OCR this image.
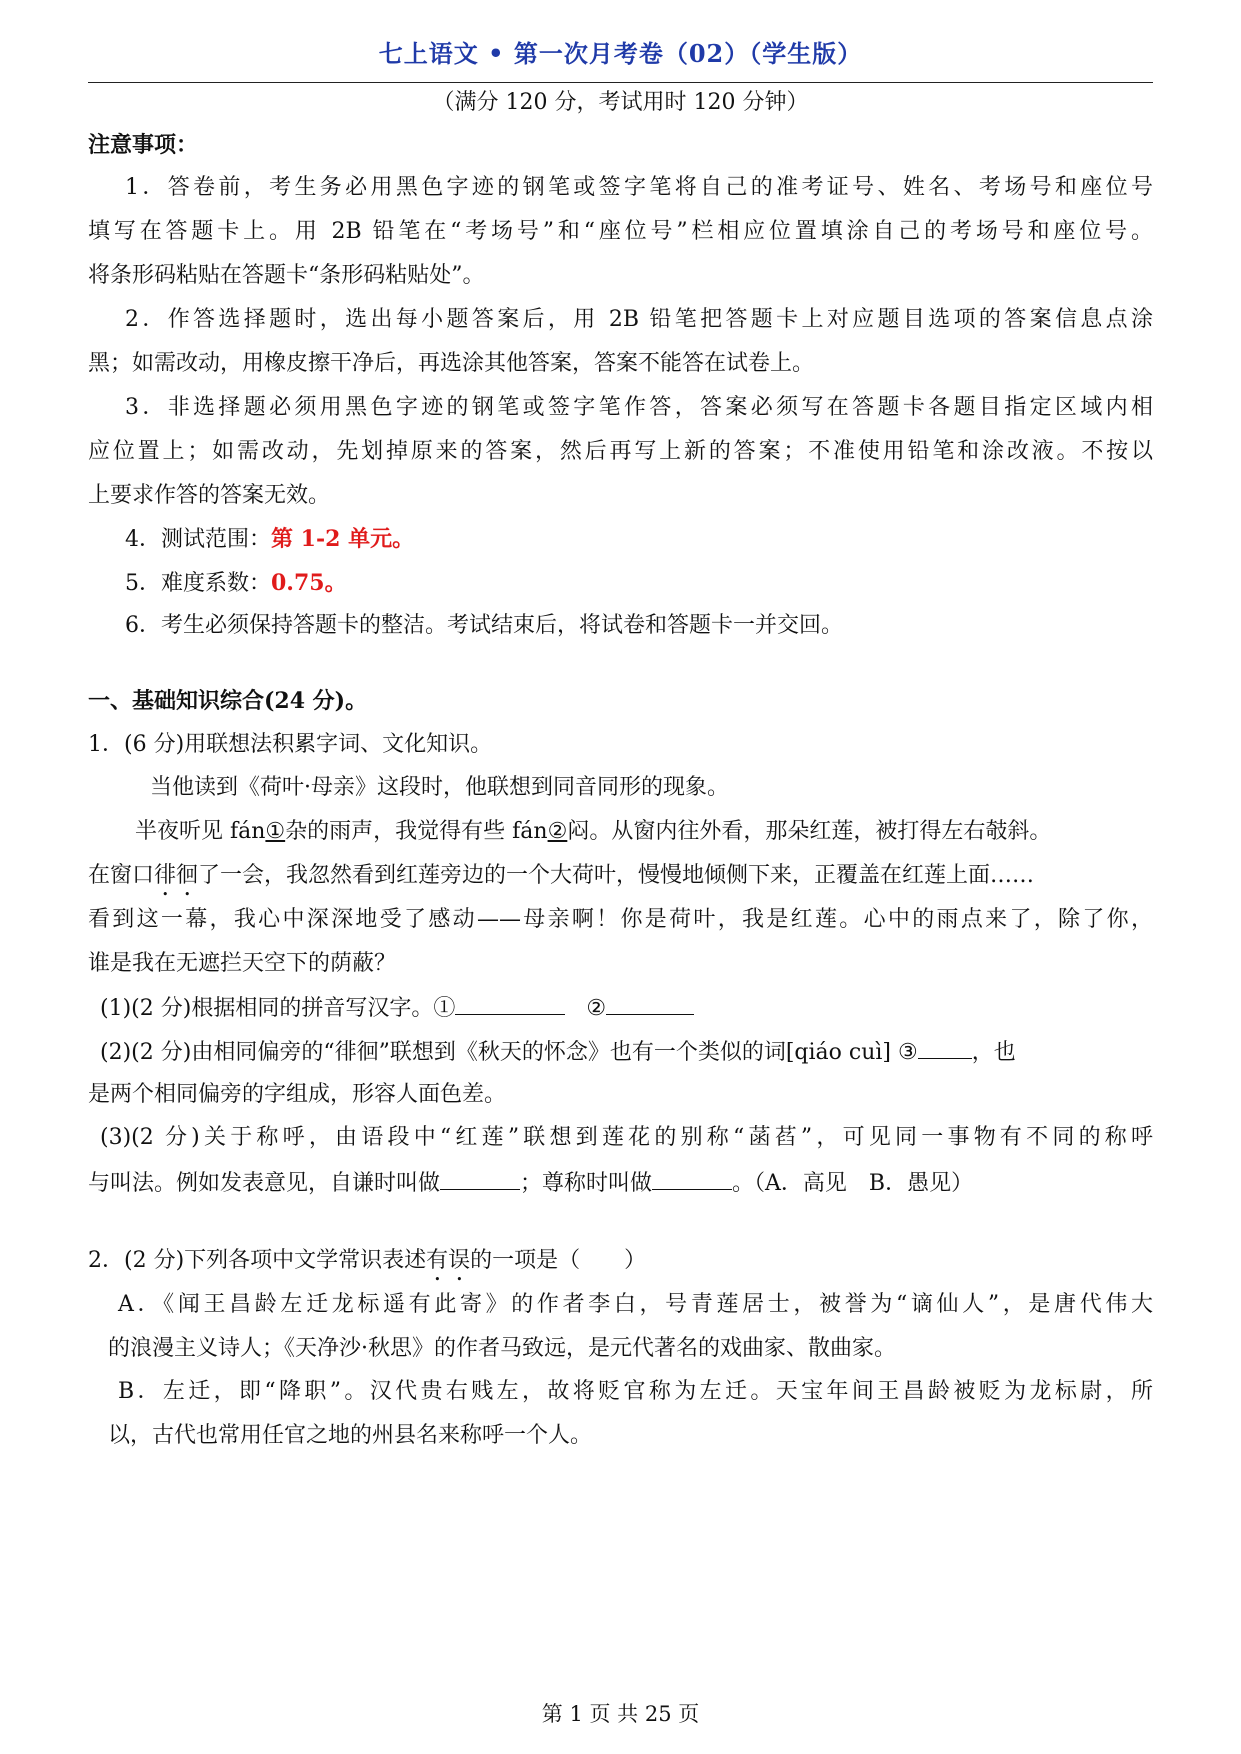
七上语文 • 第一次月考卷（02）（学生版）
（满分 120 分，考试用时 120 分钟）
注意事项：
1．答卷前，考生务必用黑色字迹的钢笔或签字笔将自己的准考证号、姓名、考场号和座位号
填写在答题卡上。用 2B 铅笔在“考场号”和“座位号”栏相应位置填涂自己的考场号和座位号。
将条形码粘贴在答题卡“条形码粘贴处”。
2．作答选择题时，选出每小题答案后，用 2B 铅笔把答题卡上对应题目选项的答案信息点涂
黑；如需改动，用橡皮擦干净后，再选涂其他答案，答案不能答在试卷上。
3．非选择题必须用黑色字迹的钢笔或签字笔作答，答案必须写在答题卡各题目指定区域内相
应位置上；如需改动，先划掉原来的答案，然后再写上新的答案；不准使用铅笔和涂改液。不按以
上要求作答的答案无效。
4．测试范围：第 1-2 单元。
5．难度系数：0.75。
6．考生必须保持答题卡的整洁。考试结束后，将试卷和答题卡一并交回。
一、基础知识综合(24 分)。
1．(6 分)用联想法积累字词、文化知识。
当他读到《荷叶·母亲》这段时，他联想到同音同形的现象。
半夜听见 fán①杂的雨声，我觉得有些 fán②闷。从窗内往外看，那朵红莲，被打得左右攲斜。
在窗口徘徊了一会，我忽然看到红莲旁边的一个大荷叶，慢慢地倾侧下来，正覆盖在红莲上面……
看到这一幕，我心中深深地受了感动——母亲啊！你是荷叶，我是红莲。心中的雨点来了，除了你，
谁是我在无遮拦天空下的荫蔽？
(1)(2 分)根据相同的拼音写汉字。①	②
(2)(2 分)由相同偏旁的“徘徊”联想到《秋天的怀念》也有一个类似的词[qiáo cuì] ③ ，也
是两个相同偏旁的字组成，形容人面色差。
(3)(2 分)关于称呼，由语段中“红莲”联想到莲花的别称“菡萏”，可见同一事物有不同的称呼
与叫法。例如发表意见，自谦时叫做	；尊称时叫做	。（A．高见　B．愚见）
2．(2 分)下列各项中文学常识表述有误的一项是（　　）
A．《闻王昌龄左迁龙标遥有此寄》的作者李白，号青莲居士，被誉为“谪仙人”，是唐代伟大
的浪漫主义诗人；《天净沙·秋思》的作者马致远，是元代著名的戏曲家、散曲家。
B．左迁，即“降职”。汉代贵右贱左，故将贬官称为左迁。天宝年间王昌龄被贬为龙标尉，所
以，古代也常用任官之地的州县名来称呼一个人。
第 1 页 共 25 页
